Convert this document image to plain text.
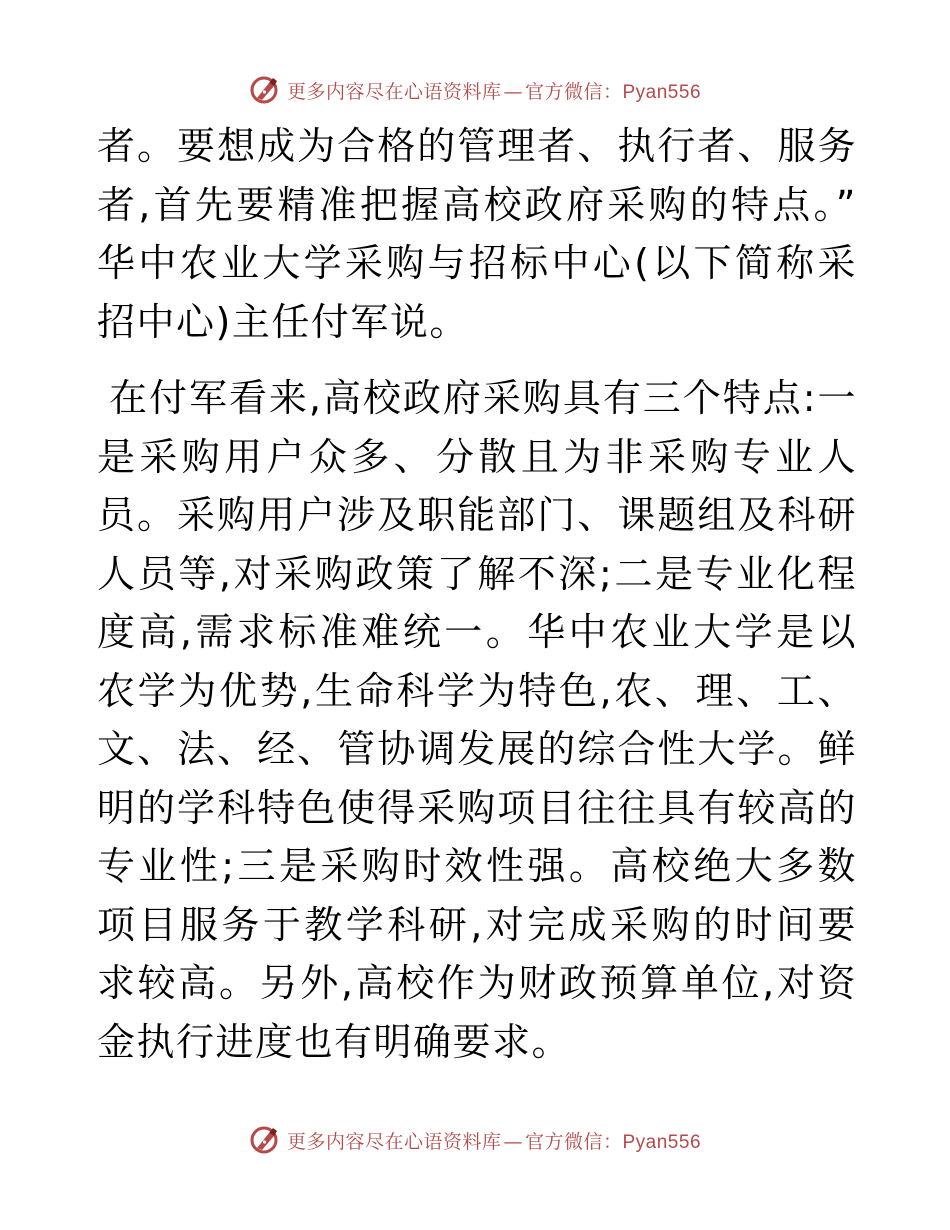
更多内容尽在心语资料库 — 官方微信：Pyan556

者。要想成为合格的管理者、执行者、服务者,首先要精准把握高校政府采购的特点。” 华中农业大学采购与招标中心(以下简称采招中心)主任付军说。

在付军看来,高校政府采购具有三个特点:一是采购用户众多、分散且为非采购专业人员。采购用户涉及职能部门、课题组及科研人员等,对采购政策了解不深;二是专业化程度高,需求标准难统一。华中农业大学是以农学为优势,生命科学为特色,农、理、工、文、法、经、管协调发展的综合性大学。鲜明的学科特色使得采购项目往往具有较高的专业性;三是采购时效性强。高校绝大多数项目服务于教学科研,对完成采购的时间要求较高。另外,高校作为财政预算单位,对资金执行进度也有明确要求。

更多内容尽在心语资料库 — 官方微信：Pyan556
